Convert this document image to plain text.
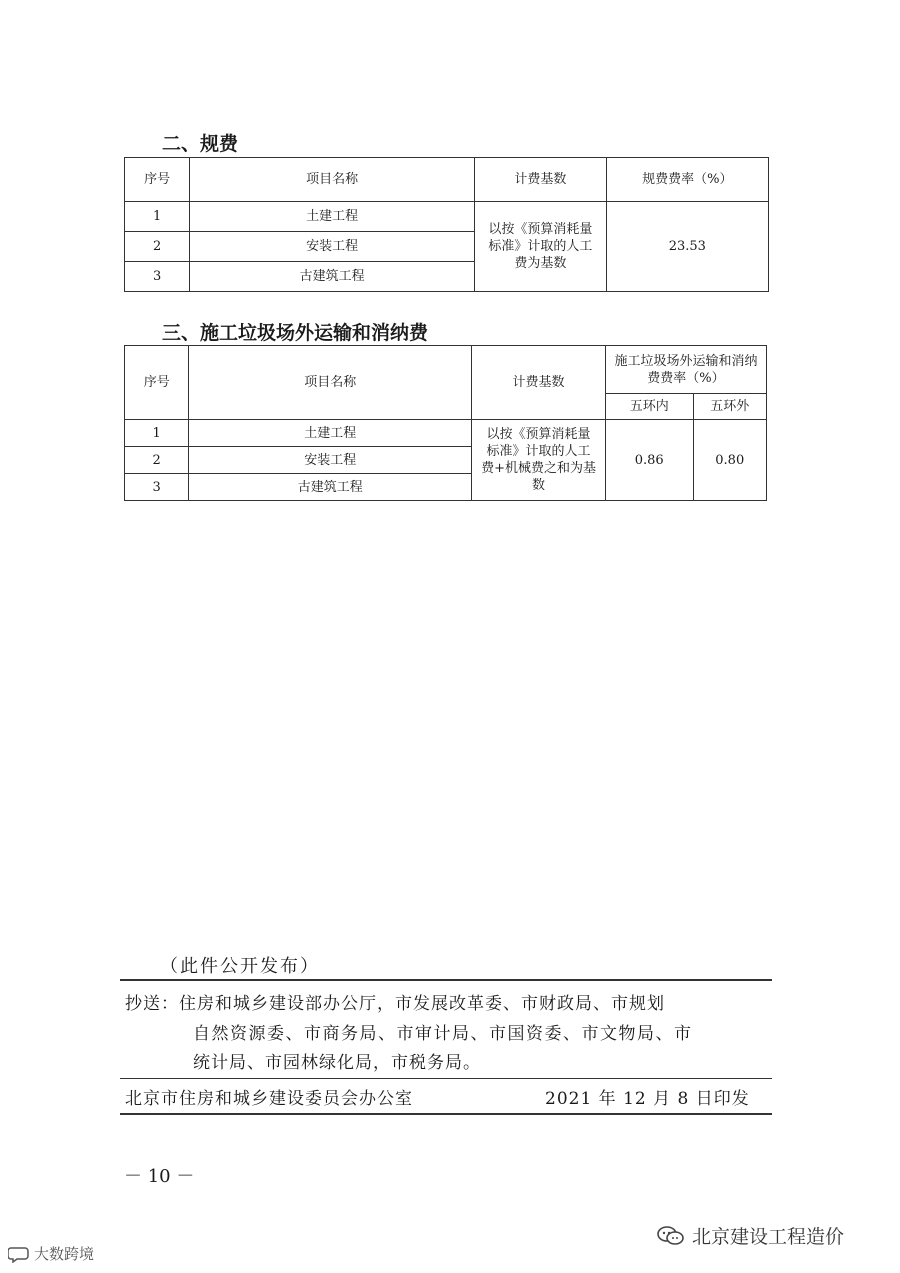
二、规费
序号	项目名称	计费基数	规费费率（%）
1	土建工程	以按《预算消耗量标准》计取的人工费为基数	23.53
2	安装工程		
3	古建筑工程		
三、施工垃圾场外运输和消纳费
序号	项目名称	计费基数	施工垃圾场外运输和消纳费费率（%）	
			五环内	五环外
1	土建工程	以按《预算消耗量标准》计取的人工费+机械费之和为基数	0.86	0.80
2	安装工程			
3	古建筑工程			
（此件公开发布）
抄送：住房和城乡建设部办公厅，市发展改革委、市财政局、市规划
自然资源委、市商务局、市审计局、市国资委、市文物局、市
统计局、市园林绿化局，市税务局。
北京市住房和城乡建设委员会办公室	2021 年 12 月 8 日印发
－ 10 －
大数跨境
北京建设工程造价
